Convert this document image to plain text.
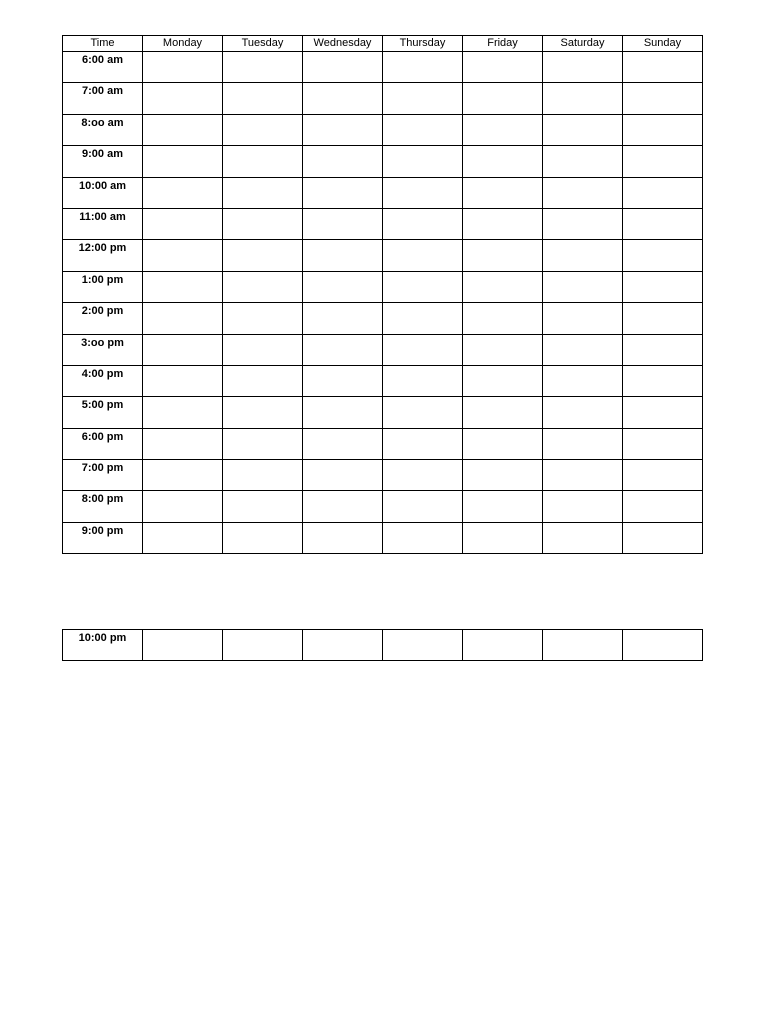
Time	Monday	Tuesday	Wednesday	Thursday	Friday	Saturday	Sunday
6:00 am							
7:00 am							
8:oo am							
9:00 am							
10:00 am							
11:00 am							
12:00 pm							
1:00 pm							
2:00 pm							
3:oo pm							
4:00 pm							
5:00 pm							
6:00 pm							
7:00 pm							
8:00 pm							
9:00 pm							
10:00 pm							
